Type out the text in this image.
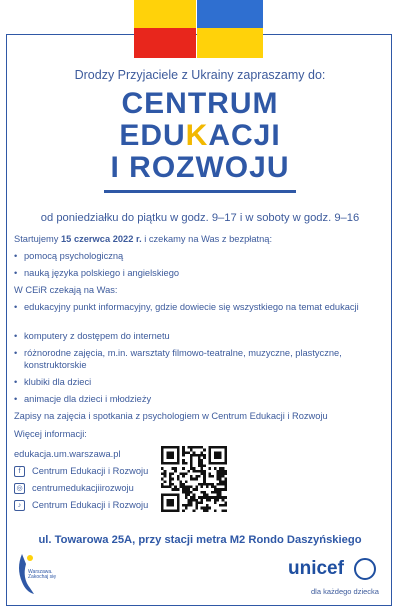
Drodzy Przyjaciele z Ukrainy zapraszamy do:
CENTRUM
EDUKACJI
I ROZWOJU
od poniedziałku do piątku w godz. 9–17 i w soboty w godz. 9–16
Startujemy 15 czerwca 2022 r. i czekamy na Was z bezpłatną:
• pomocą psychologiczną
• nauką języka polskiego i angielskiego
W CEiR czekają na Was:
• edukacyjny punkt informacyjny, gdzie dowiecie się wszystkiego na temat edukacji
• komputery z dostępem do internetu
• różnorodne zajęcia, m.in. warsztaty filmowo-teatralne, muzyczne, plastyczne, konstruktorskie
• klubiki dla dzieci
• animacje dla dzieci i młodzieży
Zapisy na zajęcia i spotkania z psychologiem w Centrum Edukacji i Rozwoju
Więcej informacji:
edukacja.um.warszawa.pl
f Centrum Edukacji i Rozwoju
◎ centrumedukacjiirozwoju
♪ Centrum Edukacji i Rozwoju
ul. Towarowa 25A, przy stacji metra M2 Rondo Daszyńskiego
Warszawa. Zakochaj się	unicef
dla każdego dziecka
